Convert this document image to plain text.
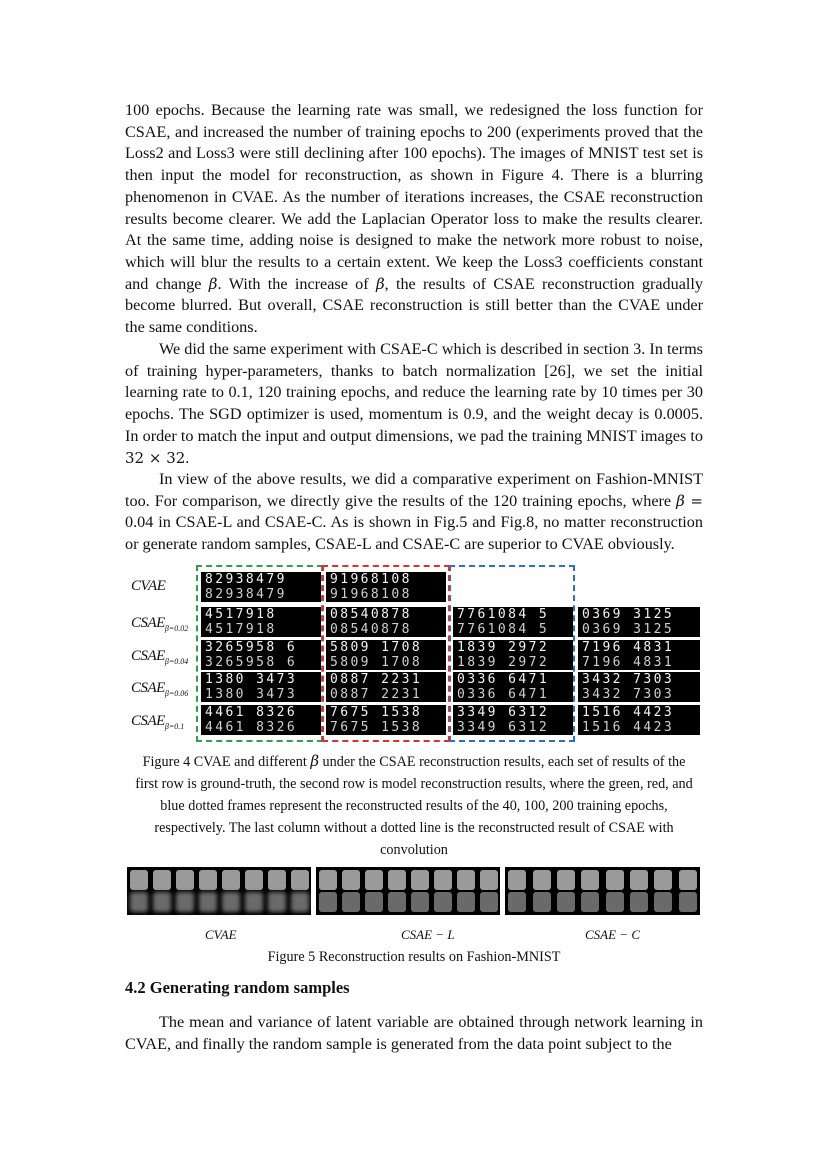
100 epochs. Because the learning rate was small, we redesigned the loss function for CSAE, and increased the number of training epochs to 200 (experiments proved that the Loss2 and Loss3 were still declining after 100 epochs). The images of MNIST test set is then input the model for reconstruction, as shown in Figure 4. There is a blurring phenomenon in CVAE. As the number of iterations increases, the CSAE reconstruction results become clearer. We add the Laplacian Operator loss to make the results clearer. At the same time, adding noise is designed to make the network more robust to noise, which will blur the results to a certain extent. We keep the Loss3 coefficients constant and change β. With the increase of β, the results of CSAE reconstruction gradually become blurred. But overall, CSAE reconstruction is still better than the CVAE under the same conditions.

We did the same experiment with CSAE-C which is described in section 3. In terms of training hyper-parameters, thanks to batch normalization [26], we set the initial learning rate to 0.1, 120 training epochs, and reduce the learning rate by 10 times per 30 epochs. The SGD optimizer is used, momentum is 0.9, and the weight decay is 0.0005. In order to match the input and output dimensions, we pad the training MNIST images to 32 × 32.

In view of the above results, we did a comparative experiment on Fashion-MNIST too. For comparison, we directly give the results of the 120 training epochs, where β = 0.04 in CSAE-L and CSAE-C. As is shown in Fig.5 and Fig.8, no matter reconstruction or generate random samples, CSAE-L and CSAE-C are superior to CVAE obviously.

CVAE
$CSAE_{\beta=0.02}$
$CSAE_{\beta=0.04}$
$CSAE_{\beta=0.06}$
$CSAE_{\beta=0.1}$
82938479
82938479
91968108
91968108
4517918
4517918
08540878
08540878
7761084 5
7761084 5
0369 3125
0369 3125
3265958 6
3265958 6
5809 1708
5809 1708
1839 2972
1839 2972
7196 4831
7196 4831
1380 3473
1380 3473
0887 2231
0887 2231
0336 6471
0336 6471
3432 7303
3432 7303
4461 8326
4461 8326
7675 1538
7675 1538
3349 6312
3349 6312
1516 4423
1516 4423

Figure 4 CVAE and different β under the CSAE reconstruction results, each set of results of the
first row is ground-truth, the second row is model reconstruction results, where the green, red, and
blue dotted frames represent the reconstructed results of the 40, 100, 200 training epochs,
respectively. The last column without a dotted line is the reconstructed result of CSAE with
convolution

CVAE	CSAE − L	CSAE − C

Figure 5 Reconstruction results on Fashion-MNIST

4.2 Generating random samples

The mean and variance of latent variable are obtained through network learning in CVAE, and finally the random sample is generated from the data point subject to the
